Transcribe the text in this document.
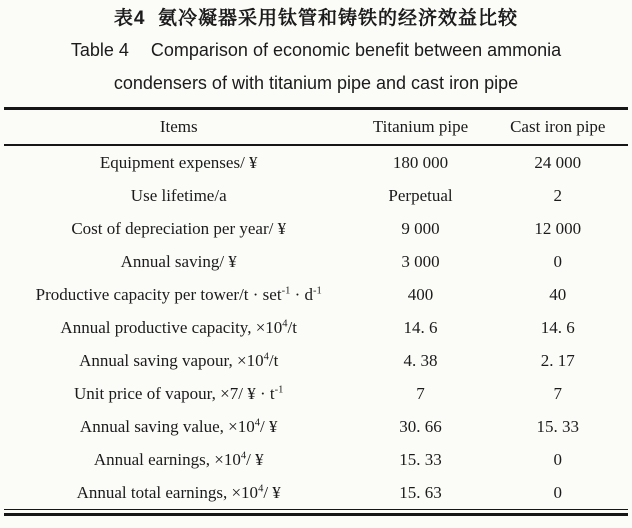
表4  氨冷凝器采用钛管和铸铁的经济效益比较
Table 4 Comparison of economic benefit between ammonia
condensers of with titanium pipe and cast iron pipe
Items	Titanium pipe	Cast iron pipe
Equipment expenses/ ¥	180 000	24 000
Use lifetime/a	Perpetual	2
Cost of depreciation per year/ ¥	9 000	12 000
Annual saving/ ¥	3 000	0
Productive capacity per tower/t · $set^{-1} \cdot d^{-1}$	400	40
Annual productive capacity, $\times 10^4/t$	14. 6	14. 6
Annual saving vapour, $\times 10^4/t$	4. 38	2. 17
Unit price of vapour, ×7/ ¥ · $t^{-1}$	7	7
Annual saving value, $\times 10^4/$ ¥	30. 66	15. 33
Annual earnings, $\times 10^4/$ ¥	15. 33	0
Annual total earnings, $\times 10^4/$ ¥	15. 63	0
